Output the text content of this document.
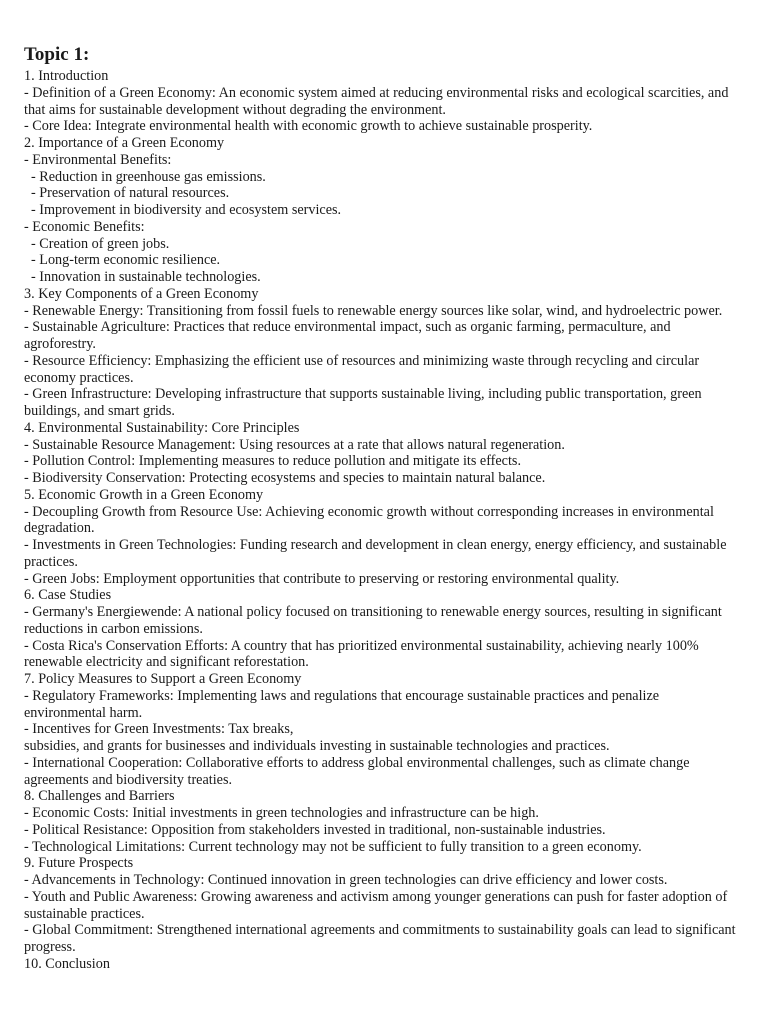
Topic 1:

1. Introduction

- Definition of a Green Economy: An economic system aimed at reducing environmental risks and ecological scarcities, and that aims for sustainable development without degrading the environment.

- Core Idea: Integrate environmental health with economic growth to achieve sustainable prosperity.

2. Importance of a Green Economy

- Environmental Benefits:

- Reduction in greenhouse gas emissions.

- Preservation of natural resources.

- Improvement in biodiversity and ecosystem services.

- Economic Benefits:

- Creation of green jobs.

- Long-term economic resilience.

- Innovation in sustainable technologies.

3. Key Components of a Green Economy

- Renewable Energy: Transitioning from fossil fuels to renewable energy sources like solar, wind, and hydroelectric power.

- Sustainable Agriculture: Practices that reduce environmental impact, such as organic farming, permaculture, and agroforestry.

- Resource Efficiency: Emphasizing the efficient use of resources and minimizing waste through recycling and circular economy practices.

- Green Infrastructure: Developing infrastructure that supports sustainable living, including public transportation, green buildings, and smart grids.

4. Environmental Sustainability: Core Principles

- Sustainable Resource Management: Using resources at a rate that allows natural regeneration.

- Pollution Control: Implementing measures to reduce pollution and mitigate its effects.

- Biodiversity Conservation: Protecting ecosystems and species to maintain natural balance.

5. Economic Growth in a Green Economy

- Decoupling Growth from Resource Use: Achieving economic growth without corresponding increases in environmental degradation.

- Investments in Green Technologies: Funding research and development in clean energy, energy efficiency, and sustainable practices.

- Green Jobs: Employment opportunities that contribute to preserving or restoring environmental quality.

6. Case Studies

- Germany's Energiewende: A national policy focused on transitioning to renewable energy sources, resulting in significant reductions in carbon emissions.

- Costa Rica's Conservation Efforts: A country that has prioritized environmental sustainability, achieving nearly 100% renewable electricity and significant reforestation.

7. Policy Measures to Support a Green Economy

- Regulatory Frameworks: Implementing laws and regulations that encourage sustainable practices and penalize environmental harm.

- Incentives for Green Investments: Tax breaks,

subsidies, and grants for businesses and individuals investing in sustainable technologies and practices.

- International Cooperation: Collaborative efforts to address global environmental challenges, such as climate change agreements and biodiversity treaties.

8. Challenges and Barriers

- Economic Costs: Initial investments in green technologies and infrastructure can be high.

- Political Resistance: Opposition from stakeholders invested in traditional, non-sustainable industries.

- Technological Limitations: Current technology may not be sufficient to fully transition to a green economy.

9. Future Prospects

- Advancements in Technology: Continued innovation in green technologies can drive efficiency and lower costs.

- Youth and Public Awareness: Growing awareness and activism among younger generations can push for faster adoption of sustainable practices.

- Global Commitment: Strengthened international agreements and commitments to sustainability goals can lead to significant progress.

10. Conclusion
